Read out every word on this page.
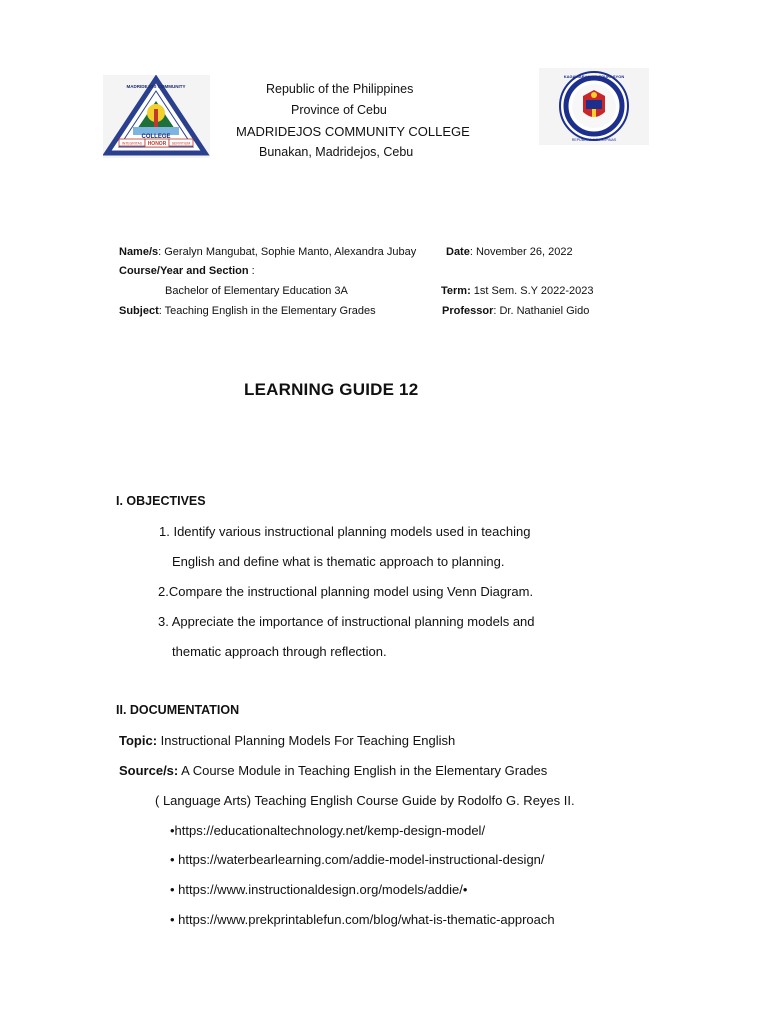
COLLEGE
INTEGRITAS HONOR SERVITIUM
MADRIDEJOS COMMUNITY
REPUBLIKA NG PILIPINAS
KAGAWARAN NG EDUKASYON
Republic of the Philippines
Province of Cebu
MADRIDEJOS COMMUNITY COLLEGE
Bunakan, Madridejos, Cebu
Name/s: Geralyn Mangubat, Sophie Manto, Alexandra Jubay	Date: November 26, 2022
Course/Year and Section :
Bachelor of Elementary Education 3A	Term: 1st Sem. S.Y 2022-2023
Subject: Teaching English in the Elementary Grades	Professor: Dr. Nathaniel Gido
LEARNING GUIDE 12
I. OBJECTIVES
1. Identify various instructional planning models used in teaching
English and define what is thematic approach to planning.
2.Compare the instructional planning model using Venn Diagram.
3. Appreciate the importance of instructional planning models and
thematic approach through reflection.
II. DOCUMENTATION
Topic: Instructional Planning Models For Teaching English
Source/s: A Course Module in Teaching English in the Elementary Grades
( Language Arts) Teaching English Course Guide by Rodolfo G. Reyes II.
•https://educationaltechnology.net/kemp-design-model/
• https://waterbearlearning.com/addie-model-instructional-design/
• https://www.instructionaldesign.org/models/addie/•
• https://www.prekprintablefun.com/blog/what-is-thematic-approach
